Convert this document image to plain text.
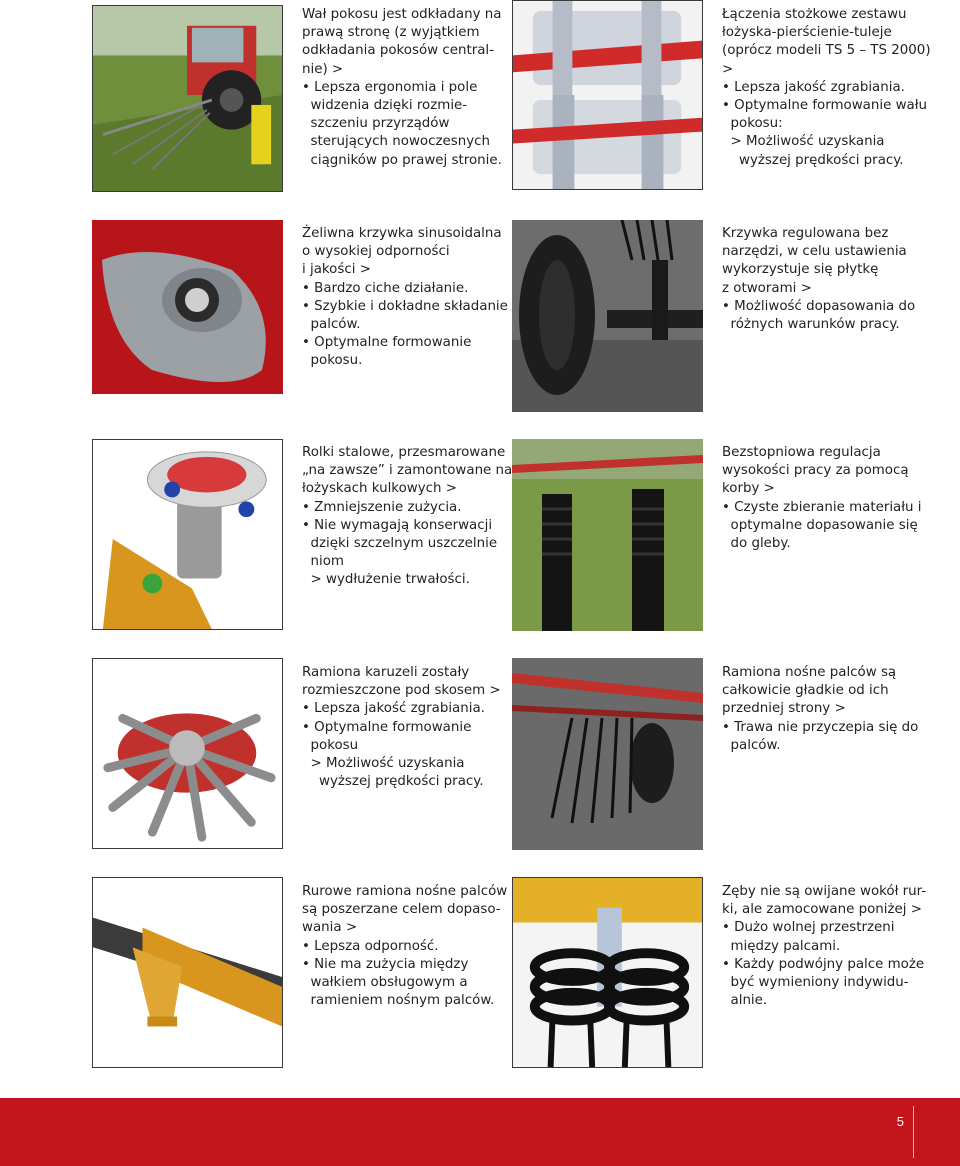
Wał pokosu jest odkładany na
prawą stronę (z wyjątkiem
odkładania pokosów central-
nie) >
• Lepsza ergonomia i pole
widzenia dzięki rozmie-
szczeniu przyrządów
sterujących nowoczesnych
ciągników po prawej stronie.
Łączenia stożkowe zestawu
łożyska-pierścienie-tuleje
(oprócz modeli TS 5 – TS 2000)
>
• Lepsza jakość zgrabiania.
• Optymalne formowanie wału
pokosu:
> Możliwość uzyskania
wyższej prędkości pracy.
Żeliwna krzywka sinusoidalna
o wysokiej odporności
i jakości >
• Bardzo ciche działanie.
• Szybkie i dokładne składanie
palców.
• Optymalne formowanie
pokosu.
Krzywka regulowana bez
narzędzi, w celu ustawienia
wykorzystuje się płytkę
z otworami >
• Możliwość dopasowania do
różnych warunków pracy.
Rolki stalowe, przesmarowane
„na zawsze” i zamontowane na
łożyskach kulkowych >
• Zmniejszenie zużycia.
• Nie wymagają konserwacji
dzięki szczelnym uszczelnie
niom
> wydłużenie trwałości.
Bezstopniowa regulacja
wysokości pracy za pomocą
korby >
• Czyste zbieranie materiału i
optymalne dopasowanie się
do gleby.
Ramiona karuzeli zostały
rozmieszczone pod skosem >
• Lepsza jakość zgrabiania.
• Optymalne formowanie
pokosu
> Możliwość uzyskania
wyższej prędkości pracy.
Ramiona nośne palców są
całkowicie gładkie od ich
przedniej strony >
• Trawa nie przyczepia się do
palców.
Rurowe ramiona nośne palców
są poszerzane celem dopaso-
wania >
• Lepsza odporność.
• Nie ma zużycia między
wałkiem obsługowym a
ramieniem nośnym palców.
Zęby nie są owijane wokół rur-
ki, ale zamocowane poniżej >
• Dużo wolnej przestrzeni
między palcami.
• Każdy podwójny palce może
być wymieniony indywidu-
alnie.
5
